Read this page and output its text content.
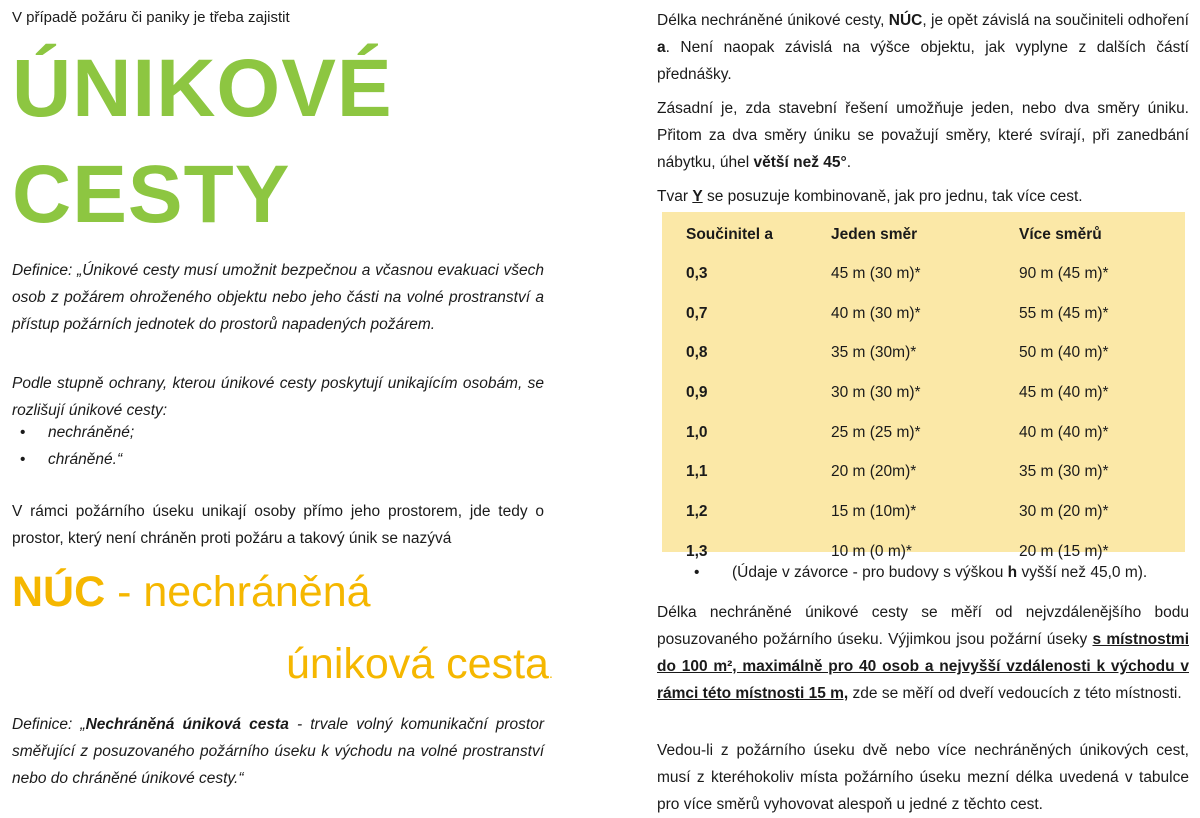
V případě požáru či paniky je třeba zajistit
ÚNIKOVÉ
CESTY
Definice: „Únikové cesty musí umožnit bezpečnou a včasnou evakuaci všech osob z požárem ohroženého objektu nebo jeho části na volné prostranství a přístup požárních jednotek do prostorů napadených požárem.
Podle stupně ochrany, kterou únikové cesty poskytují unikajícím osobám, se rozlišují únikové cesty:
• nechráněné;
• chráněné.“
V rámci požárního úseku unikají osoby přímo jeho prostorem, jde tedy o prostor, který není chráněn proti požáru a takový únik se nazývá
NÚC - nechráněná
úniková cesta.
Definice: „Nechráněná úniková cesta - trvale volný komunikační prostor směřující z posuzovaného požárního úseku k východu na volné prostranství nebo do chráněné únikové cesty.“
Délka nechráněné únikové cesty, NÚC, je opět závislá na součiniteli odhoření a. Není naopak závislá na výšce objektu, jak vyplyne z dalších částí přednášky.
Zásadní je, zda stavební řešení umožňuje jeden, nebo dva směry úniku. Přitom za dva směry úniku se považují směry, které svírají, při zanedbání nábytku, úhel větší než 45°.
Tvar Y se posuzuje kombinovaně, jak pro jednu, tak více cest.
Součinitel a	Jeden směr	Více směrů
0,3	45 m (30 m)*	90 m (45 m)*
0,7	40 m (30 m)*	55 m (45 m)*
0,8	35 m (30m)*	50 m (40 m)*
0,9	30 m (30 m)*	45 m (40 m)*
1,0	25 m (25 m)*	40 m (40 m)*
1,1	20 m (20m)*	35 m (30 m)*
1,2	15 m (10m)*	30 m (20 m)*
1,3	10 m (0 m)*	20 m (15 m)*
• (Údaje v závorce - pro budovy s výškou h vyšší než 45,0 m).
Délka nechráněné únikové cesty se měří od nejvzdálenějšího bodu posuzovaného požárního úseku. Výjimkou jsou požární úseky s místnostmi do 100 m², maximálně pro 40 osob a nejvyšší vzdálenosti k východu v rámci této místnosti 15 m, zde se měří od dveří vedoucích z této místnosti.
Vedou-li z požárního úseku dvě nebo více nechráněných únikových cest, musí z kteréhokoliv místa požárního úseku mezní délka uvedená v tabulce pro více směrů vyhovovat alespoň u jedné z těchto cest.
